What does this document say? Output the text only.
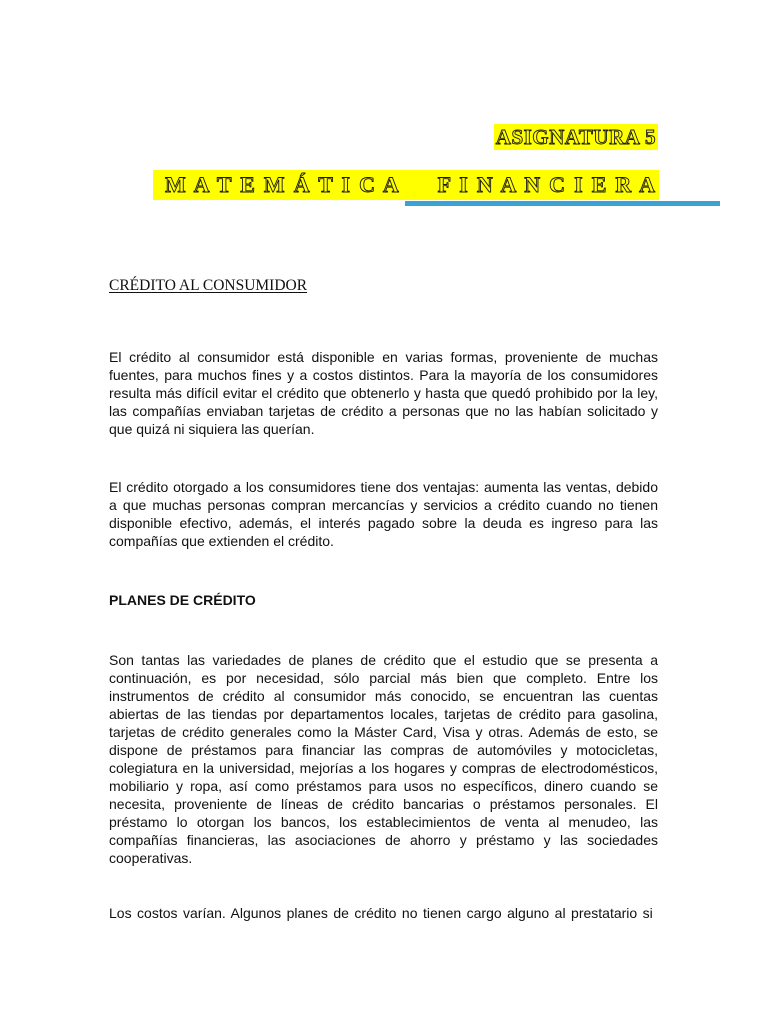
ASIGNATURA 5
M A T E M Á T I C A   F I N A N C I E R A
CRÉDITO AL CONSUMIDOR

El crédito al consumidor está disponible en varias formas, proveniente de muchas fuentes, para muchos fines y a costos distintos. Para la mayoría de los consumidores resulta más difícil evitar el crédito que obtenerlo y hasta que quedó prohibido por la ley, las compañías enviaban tarjetas de crédito a personas que no las habían solicitado y que quizá ni siquiera las querían.

El crédito otorgado a los consumidores tiene dos ventajas: aumenta las ventas, debido a que muchas personas compran mercancías y servicios a crédito cuando no tienen disponible efectivo, además, el interés pagado sobre la deuda es ingreso para las compañías que extienden el crédito.

PLANES DE CRÉDITO

Son tantas las variedades de planes de crédito que el estudio que se presenta a continuación, es por necesidad, sólo parcial más bien que completo. Entre los instrumentos de crédito al consumidor más conocido, se encuentran las cuentas abiertas de las tiendas por departamentos locales, tarjetas de crédito para gasolina, tarjetas de crédito generales como la Máster Card, Visa y otras. Además de esto, se dispone de préstamos para financiar las compras de automóviles y motocicletas, colegiatura en la universidad, mejorías a los hogares y compras de electrodomésticos, mobiliario y ropa, así como préstamos para usos no específicos, dinero cuando se necesita, proveniente de líneas de crédito bancarias o préstamos personales. El préstamo lo otorgan los bancos, los establecimientos de venta al menudeo, las compañías financieras, las asociaciones de ahorro y préstamo y las sociedades cooperativas.

Los costos varían. Algunos planes de crédito no tienen cargo alguno al prestatario si
